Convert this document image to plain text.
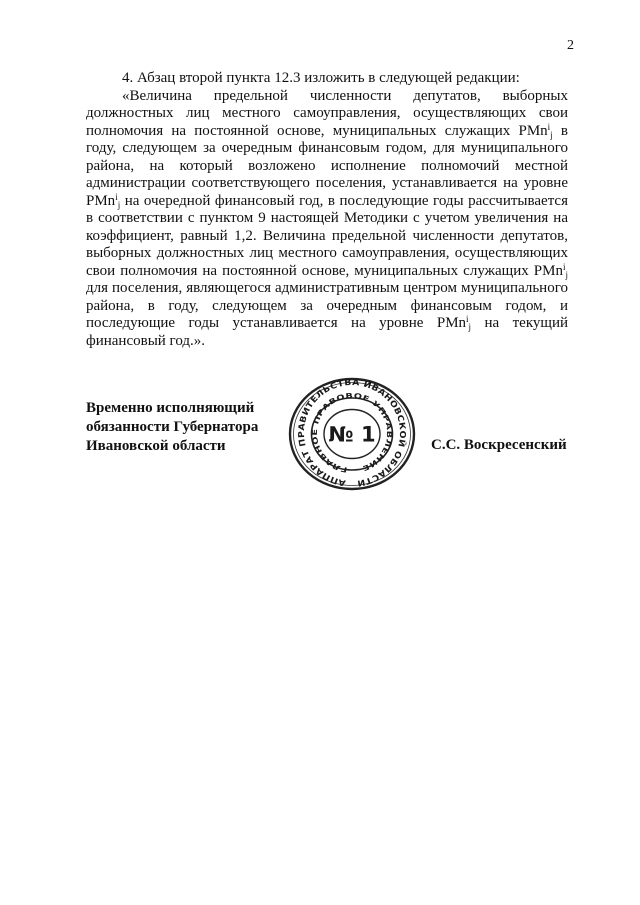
2

4. Абзац второй пункта 12.3 изложить в следующей редакции:

«Величина предельной численности депутатов, выборных должностных лиц местного самоуправления, осуществляющих свои полномочия на постоянной основе, муниципальных служащих PMn$^i_j$ в году, следующем за очередным финансовым годом, для муниципального района, на который возложено исполнение полномочий местной администрации соответствующего поселения, устанавливается на уровне PMn$^i_j$ на очередной финансовый год, в последующие годы рассчитывается в соответствии с пунктом 9 настоящей Методики с учетом увеличения на коэффициент, равный 1,2. Величина предельной численности депутатов, выборных должностных лиц местного самоуправления, осуществляющих свои полномочия на постоянной основе, муниципальных служащих PMn$^i_j$ для поселения, являющегося административным центром муниципального района, в году, следующем за очередным финансовым годом, и последующие годы устанавливается на уровне PMn$^i_j$ на текущий финансовый год.».

Временно исполняющий
обязанности Губернатора
Ивановской области
АППАРАТ ПРАВИТЕЛЬСТВА ИВАНОВСКОЙ ОБЛАСТИ
ГЛАВНОЕ ПРАВОВОЕ УПРАВЛЕНИЕ
№ 1	С.С. Воскресенский
